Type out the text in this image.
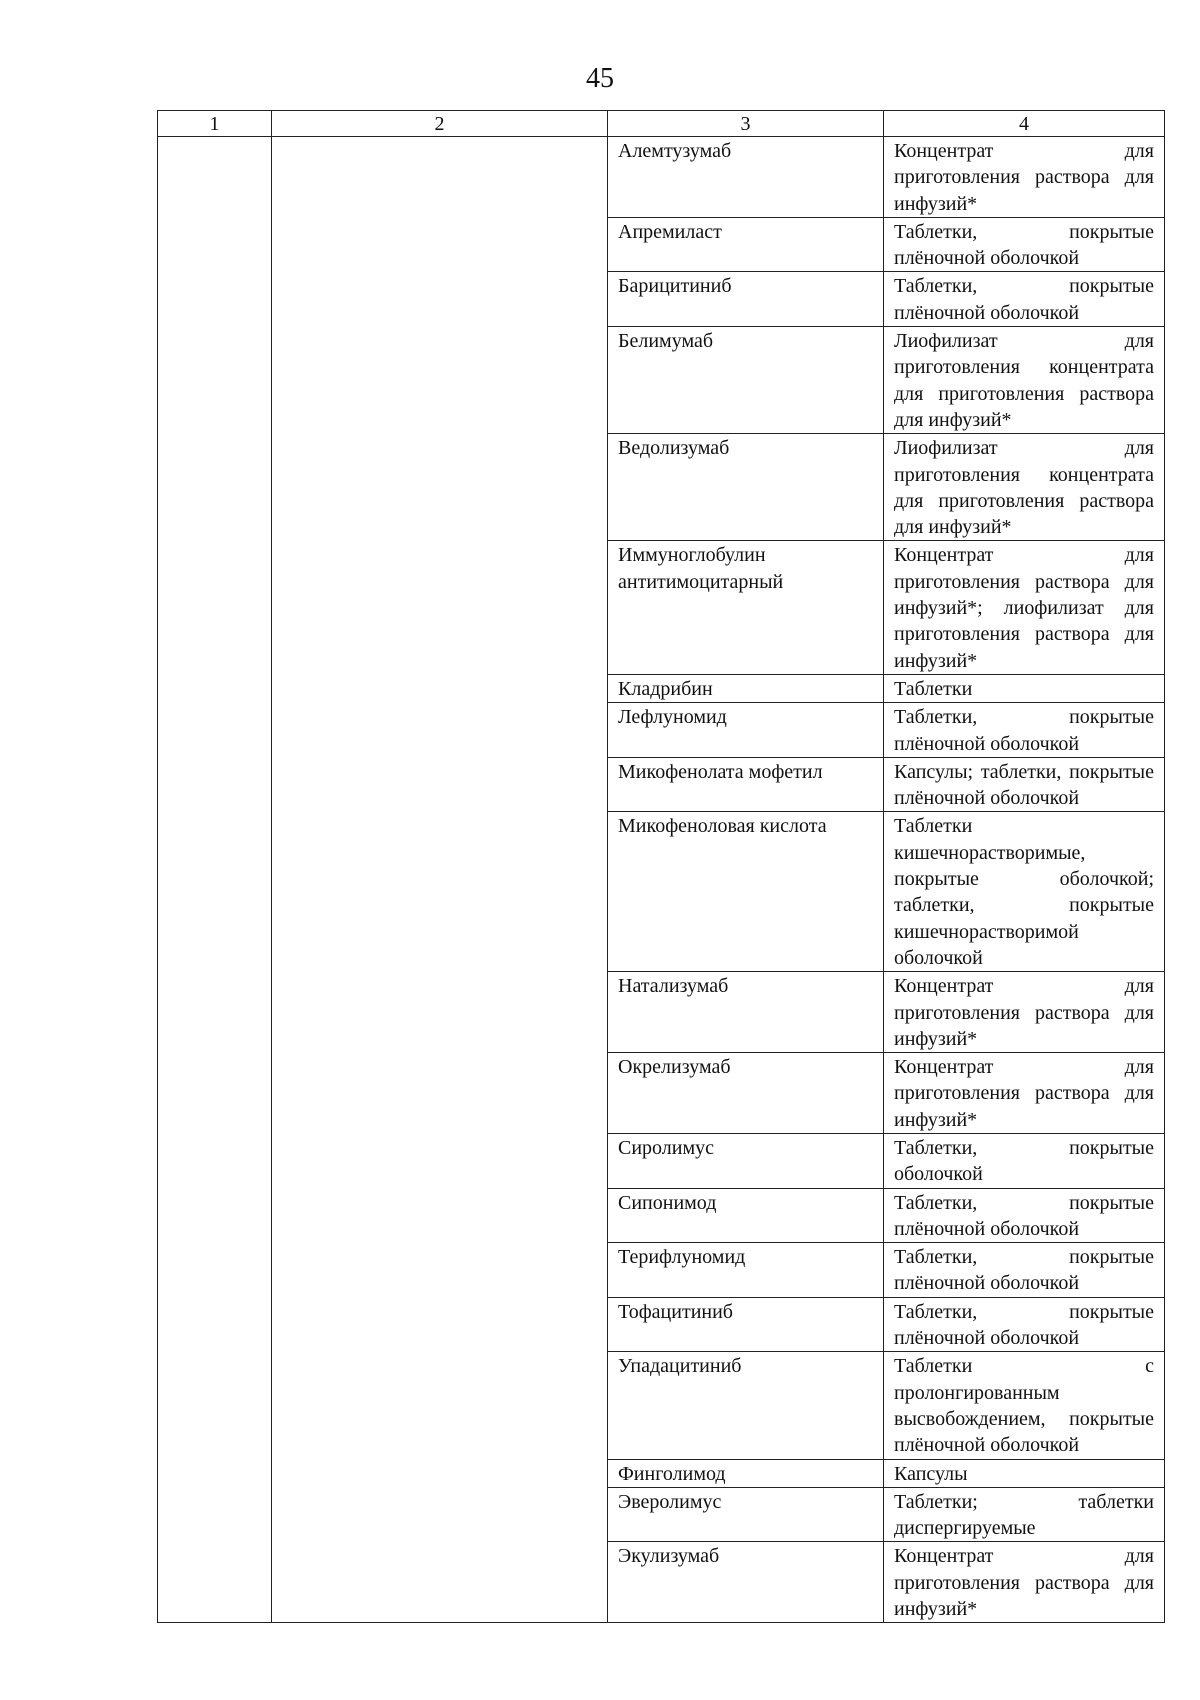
45
1	2	3	4
		Алемтузумаб	Концентрат для приготовления раствора для инфузий*
		Апремиласт	Таблетки, покрытые плёночной оболочкой
		Барицитиниб	Таблетки, покрытые плёночной оболочкой
		Белимумаб	Лиофилизат для приготовления концентрата для приготовления раствора для инфузий*
		Ведолизумаб	Лиофилизат для приготовления концентрата для приготовления раствора для инфузий*
		Иммуноглобулин антитимоцитарный	Концентрат для приготовления раствора для инфузий*; лиофилизат для приготовления раствора для инфузий*
		Кладрибин	Таблетки
		Лефлуномид	Таблетки, покрытые плёночной оболочкой
		Микофенолата мофетил	Капсулы; таблетки, покрытые плёночной оболочкой
		Микофеноловая кислота	Таблетки кишечнорастворимые, покрытые оболочкой; таблетки, покрытые кишечнорастворимой оболочкой
		Натализумаб	Концентрат для приготовления раствора для инфузий*
		Окрелизумаб	Концентрат для приготовления раствора для инфузий*
		Сиролимус	Таблетки, покрытые оболочкой
		Сипонимод	Таблетки, покрытые плёночной оболочкой
		Терифлуномид	Таблетки, покрытые плёночной оболочкой
		Тофацитиниб	Таблетки, покрытые плёночной оболочкой
		Упадацитиниб	Таблетки с пролонгированным высвобождением, покрытые плёночной оболочкой
		Финголимод	Капсулы
		Эверолимус	Таблетки; таблетки диспергируемые
		Экулизумаб	Концентрат для приготовления раствора для инфузий*
